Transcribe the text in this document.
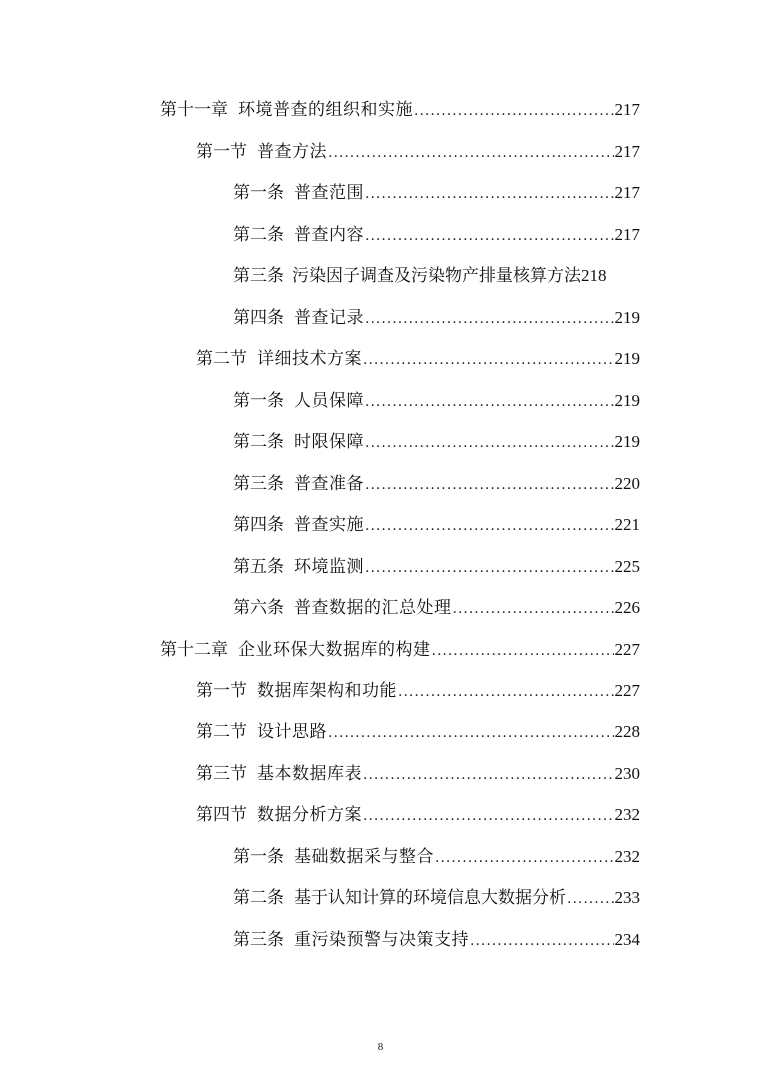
第十一章 环境普查的组织和实施 .....	217
第一节 普查方法 .....	217
第一条 普查范围 .....	217
第二条 普查内容 .....	217
第三条 污染因子调查及污染物产排量核算方法 218
第四条 普查记录 .....	219
第二节 详细技术方案 .....	219
第一条 人员保障 .....	219
第二条 时限保障 .....	219
第三条 普查准备 .....	220
第四条 普查实施 .....	221
第五条 环境监测 .....	225
第六条 普查数据的汇总处理 .....	226
第十二章 企业环保大数据库的构建 .....	227
第一节 数据库架构和功能 .....	227
第二节 设计思路 .....	228
第三节 基本数据库表 .....	230
第四节 数据分析方案 .....	232
第一条 基础数据采与整合 .....	232
第二条 基于认知计算的环境信息大数据分析 .....	233
第三条 重污染预警与决策支持 .....	234
8
